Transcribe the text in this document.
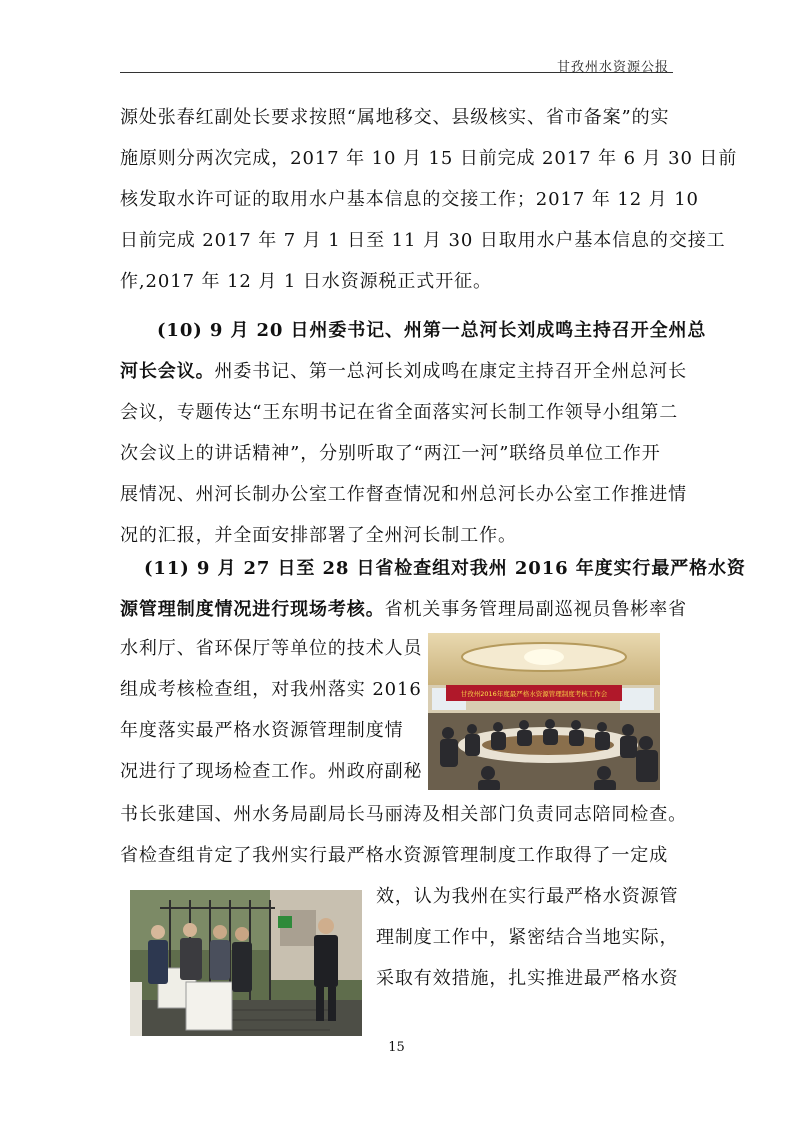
甘孜州水资源公报
源处张春红副处长要求按照“属地移交、县级核实、省市备案”的实
施原则分两次完成，2017 年 10 月 15 日前完成 2017 年 6 月 30 日前
核发取水许可证的取用水户基本信息的交接工作；2017 年 12 月 10
日前完成 2017 年 7 月 1 日至 11 月 30 日取用水户基本信息的交接工
作,2017 年 12 月 1 日水资源税正式开征。
(10) 9 月 20 日州委书记、州第一总河长刘成鸣主持召开全州总
河长会议。州委书记、第一总河长刘成鸣在康定主持召开全州总河长
会议，专题传达“王东明书记在省全面落实河长制工作领导小组第二
次会议上的讲话精神”，分别听取了“两江一河”联络员单位工作开
展情况、州河长制办公室工作督查情况和州总河长办公室工作推进情
况的汇报，并全面安排部署了全州河长制工作。
(11) 9 月 27 日至 28 日省检查组对我州 2016 年度实行最严格水资
源管理制度情况进行现场考核。省机关事务管理局副巡视员鲁彬率省
水利厅、省环保厅等单位的技术人员
组成考核检查组，对我州落实 2016
年度落实最严格水资源管理制度情
况进行了现场检查工作。州政府副秘
甘孜州2016年度最严格水资源管理制度考核工作会
书长张建国、州水务局副局长马丽涛及相关部门负责同志陪同检查。
省检查组肯定了我州实行最严格水资源管理制度工作取得了一定成
效，认为我州在实行最严格水资源管
理制度工作中，紧密结合当地实际，
采取有效措施，扎实推进最严格水资
15
